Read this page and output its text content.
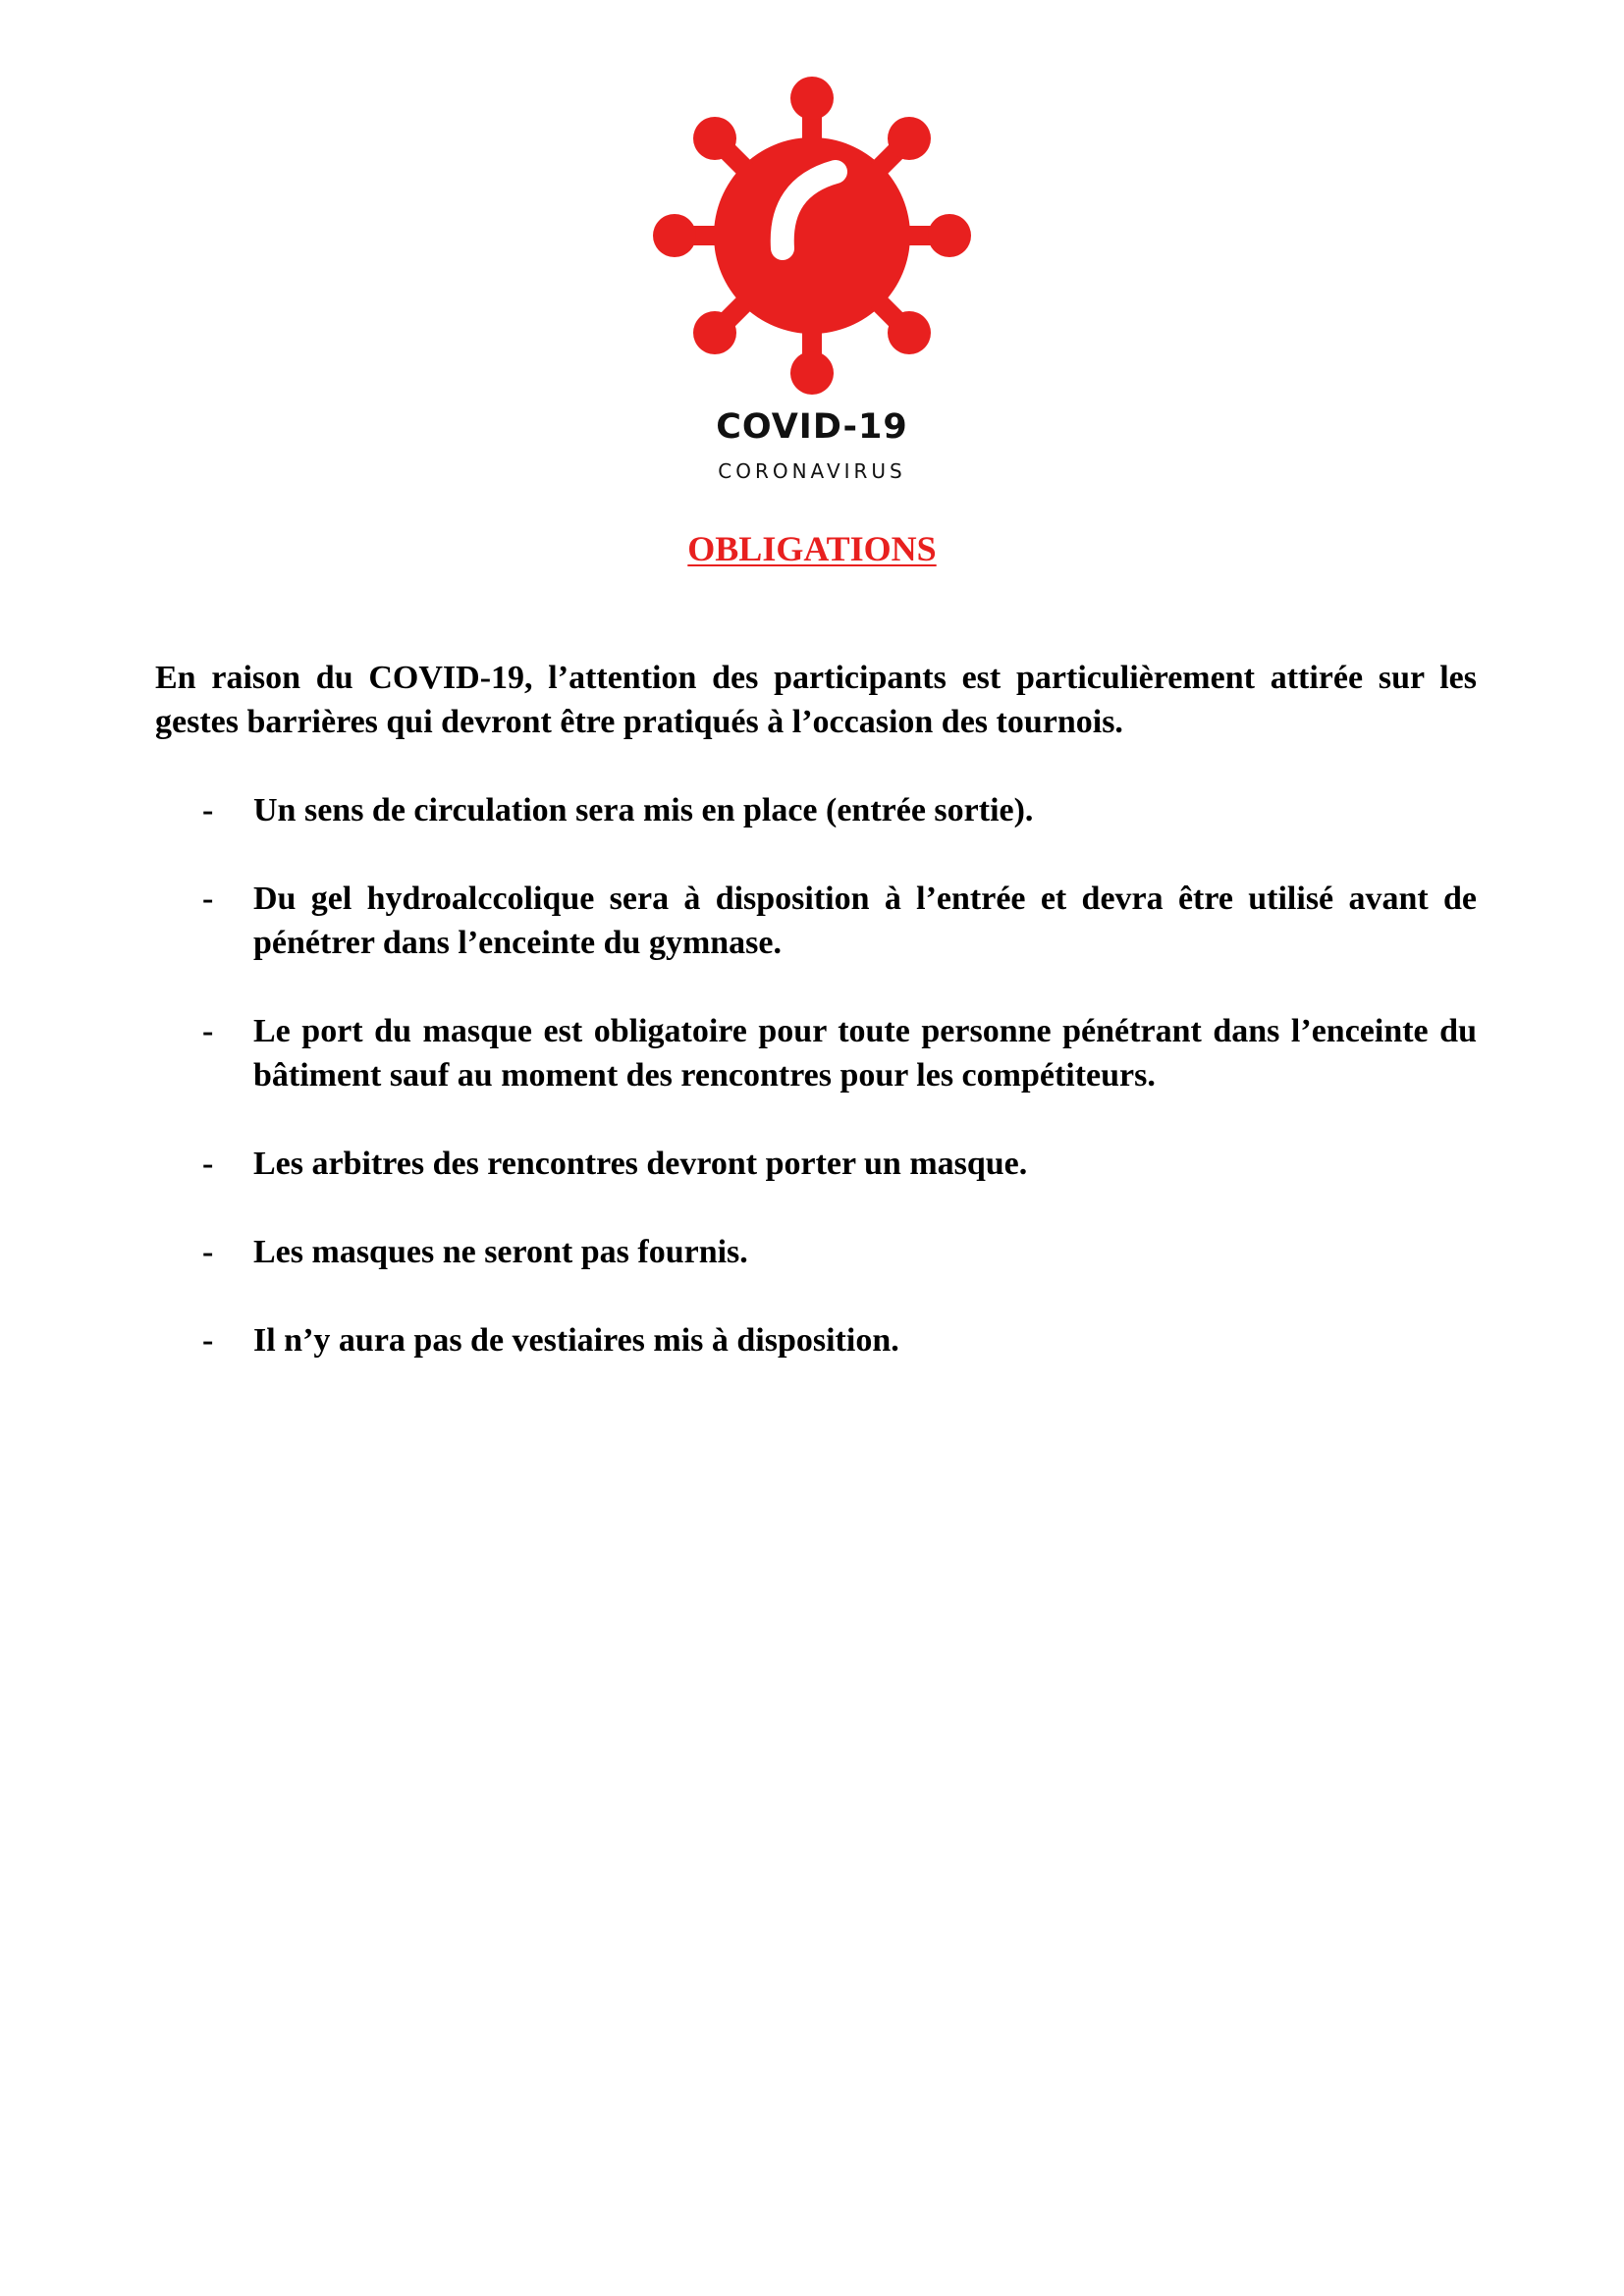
COVID-19
CORONAVIRUS
OBLIGATIONS

En raison du COVID-19, l’attention des participants est particulièrement attirée sur les gestes barrières qui devront être pratiqués à l’occasion des tournois.

- Un sens de circulation sera mis en place (entrée sortie).
- Du gel hydroalccolique sera à disposition à l’entrée et devra être utilisé avant de pénétrer dans l’enceinte du gymnase.
- Le port du masque est obligatoire pour toute personne pénétrant dans l’enceinte du bâtiment sauf au moment des rencontres pour les compétiteurs.
- Les arbitres des rencontres devront porter un masque.
- Les masques ne seront pas fournis.
- Il n’y aura pas de vestiaires mis à disposition.
